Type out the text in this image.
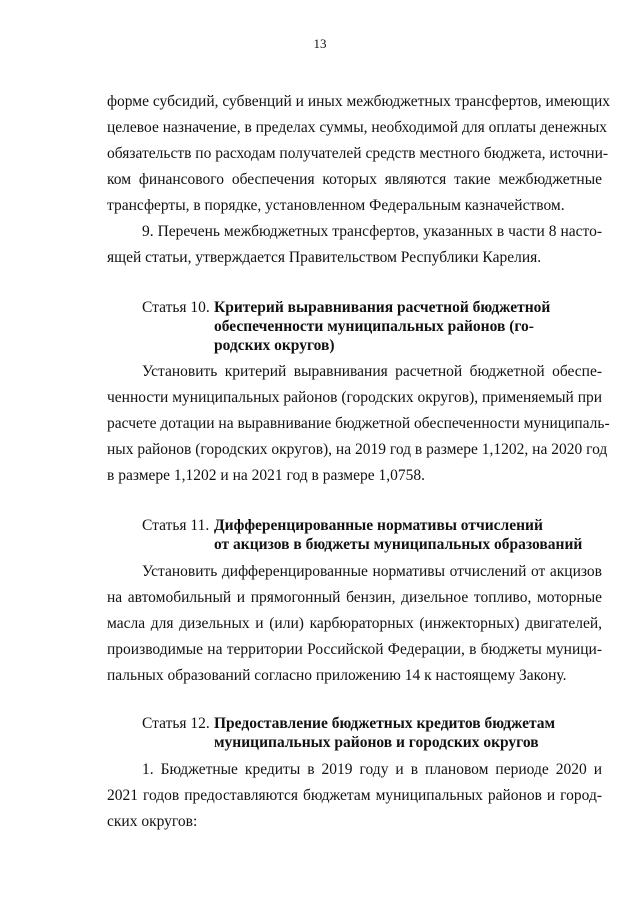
13
форме субсидий, субвенций и иных межбюджетных трансфертов, имеющих
целевое назначение, в пределах суммы, необходимой для оплаты денежных
обязательств по расходам получателей средств местного бюджета, источни-
ком финансового обеспечения которых являются такие межбюджетные
трансферты, в порядке, установленном Федеральным казначейством.
9. Перечень межбюджетных трансфертов, указанных в части 8 насто-
ящей статьи, утверждается Правительством Республики Карелия.
Статья 10. Критерий выравнивания расчетной бюджетной
обеспеченности муниципальных районов (го-
родских округов)
Установить критерий выравнивания расчетной бюджетной обеспе-
ченности муниципальных районов (городских округов), применяемый при
расчете дотации на выравнивание бюджетной обеспеченности муниципаль-
ных районов (городских округов), на 2019 год в размере 1,1202, на 2020 год
в размере 1,1202 и на 2021 год в размере 1,0758.
Статья 11. Дифференцированные нормативы отчислений
от акцизов в бюджеты муниципальных образований
Установить дифференцированные нормативы отчислений от акцизов
на автомобильный и прямогонный бензин, дизельное топливо, моторные
масла для дизельных и (или) карбюраторных (инжекторных) двигателей,
производимые на территории Российской Федерации, в бюджеты муници-
пальных образований согласно приложению 14 к настоящему Закону.
Статья 12. Предоставление бюджетных кредитов бюджетам
муниципальных районов и городских округов
1. Бюджетные кредиты в 2019 году и в плановом периоде 2020 и
2021 годов предоставляются бюджетам муниципальных районов и город-
ских округов:
